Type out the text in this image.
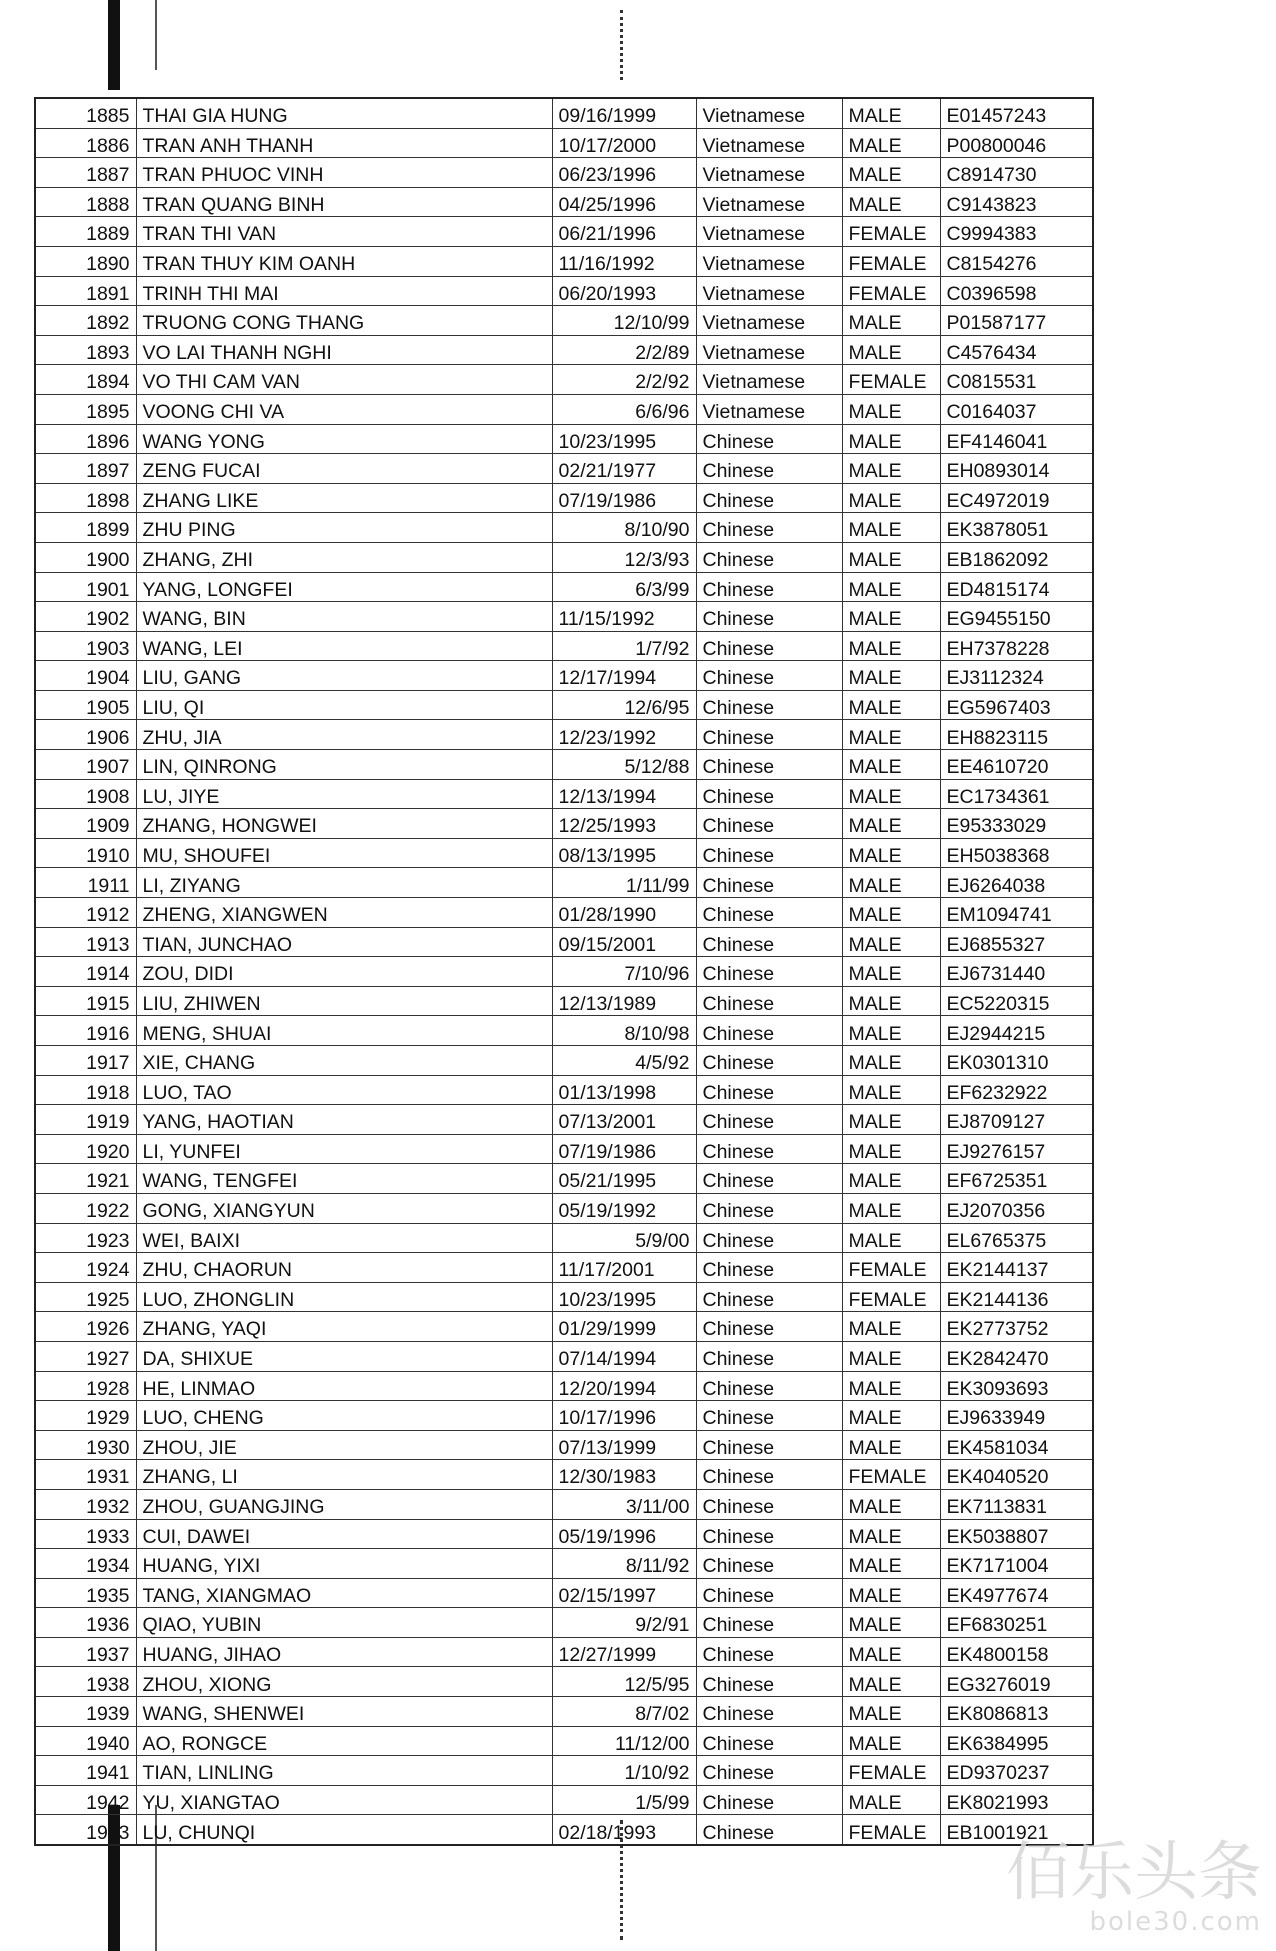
1885	THAI GIA HUNG	09/16/1999	Vietnamese	MALE	E01457243
1886	TRAN ANH THANH	10/17/2000	Vietnamese	MALE	P00800046
1887	TRAN PHUOC VINH	06/23/1996	Vietnamese	MALE	C8914730
1888	TRAN QUANG BINH	04/25/1996	Vietnamese	MALE	C9143823
1889	TRAN THI VAN	06/21/1996	Vietnamese	FEMALE	C9994383
1890	TRAN THUY KIM OANH	11/16/1992	Vietnamese	FEMALE	C8154276
1891	TRINH THI MAI	06/20/1993	Vietnamese	FEMALE	C0396598
1892	TRUONG CONG THANG	12/10/99	Vietnamese	MALE	P01587177
1893	VO LAI THANH NGHI	2/2/89	Vietnamese	MALE	C4576434
1894	VO THI CAM VAN	2/2/92	Vietnamese	FEMALE	C0815531
1895	VOONG CHI VA	6/6/96	Vietnamese	MALE	C0164037
1896	WANG YONG	10/23/1995	Chinese	MALE	EF4146041
1897	ZENG FUCAI	02/21/1977	Chinese	MALE	EH0893014
1898	ZHANG LIKE	07/19/1986	Chinese	MALE	EC4972019
1899	ZHU PING	8/10/90	Chinese	MALE	EK3878051
1900	ZHANG, ZHI	12/3/93	Chinese	MALE	EB1862092
1901	YANG, LONGFEI	6/3/99	Chinese	MALE	ED4815174
1902	WANG, BIN	11/15/1992	Chinese	MALE	EG9455150
1903	WANG, LEI	1/7/92	Chinese	MALE	EH7378228
1904	LIU, GANG	12/17/1994	Chinese	MALE	EJ3112324
1905	LIU, QI	12/6/95	Chinese	MALE	EG5967403
1906	ZHU, JIA	12/23/1992	Chinese	MALE	EH8823115
1907	LIN, QINRONG	5/12/88	Chinese	MALE	EE4610720
1908	LU, JIYE	12/13/1994	Chinese	MALE	EC1734361
1909	ZHANG, HONGWEI	12/25/1993	Chinese	MALE	E95333029
1910	MU, SHOUFEI	08/13/1995	Chinese	MALE	EH5038368
1911	LI, ZIYANG	1/11/99	Chinese	MALE	EJ6264038
1912	ZHENG, XIANGWEN	01/28/1990	Chinese	MALE	EM1094741
1913	TIAN, JUNCHAO	09/15/2001	Chinese	MALE	EJ6855327
1914	ZOU, DIDI	7/10/96	Chinese	MALE	EJ6731440
1915	LIU, ZHIWEN	12/13/1989	Chinese	MALE	EC5220315
1916	MENG, SHUAI	8/10/98	Chinese	MALE	EJ2944215
1917	XIE, CHANG	4/5/92	Chinese	MALE	EK0301310
1918	LUO, TAO	01/13/1998	Chinese	MALE	EF6232922
1919	YANG, HAOTIAN	07/13/2001	Chinese	MALE	EJ8709127
1920	LI, YUNFEI	07/19/1986	Chinese	MALE	EJ9276157
1921	WANG, TENGFEI	05/21/1995	Chinese	MALE	EF6725351
1922	GONG, XIANGYUN	05/19/1992	Chinese	MALE	EJ2070356
1923	WEI, BAIXI	5/9/00	Chinese	MALE	EL6765375
1924	ZHU, CHAORUN	11/17/2001	Chinese	FEMALE	EK2144137
1925	LUO, ZHONGLIN	10/23/1995	Chinese	FEMALE	EK2144136
1926	ZHANG, YAQI	01/29/1999	Chinese	MALE	EK2773752
1927	DA, SHIXUE	07/14/1994	Chinese	MALE	EK2842470
1928	HE, LINMAO	12/20/1994	Chinese	MALE	EK3093693
1929	LUO, CHENG	10/17/1996	Chinese	MALE	EJ9633949
1930	ZHOU, JIE	07/13/1999	Chinese	MALE	EK4581034
1931	ZHANG, LI	12/30/1983	Chinese	FEMALE	EK4040520
1932	ZHOU, GUANGJING	3/11/00	Chinese	MALE	EK7113831
1933	CUI, DAWEI	05/19/1996	Chinese	MALE	EK5038807
1934	HUANG, YIXI	8/11/92	Chinese	MALE	EK7171004
1935	TANG, XIANGMAO	02/15/1997	Chinese	MALE	EK4977674
1936	QIAO, YUBIN	9/2/91	Chinese	MALE	EF6830251
1937	HUANG, JIHAO	12/27/1999	Chinese	MALE	EK4800158
1938	ZHOU, XIONG	12/5/95	Chinese	MALE	EG3276019
1939	WANG, SHENWEI	8/7/02	Chinese	MALE	EK8086813
1940	AO, RONGCE	11/12/00	Chinese	MALE	EK6384995
1941	TIAN, LINLING	1/10/92	Chinese	FEMALE	ED9370237
1942	YU, XIANGTAO	1/5/99	Chinese	MALE	EK8021993
1943	LU, CHUNQI	02/18/1993	Chinese	FEMALE	EB1001921
佰乐头条
bole30.com
